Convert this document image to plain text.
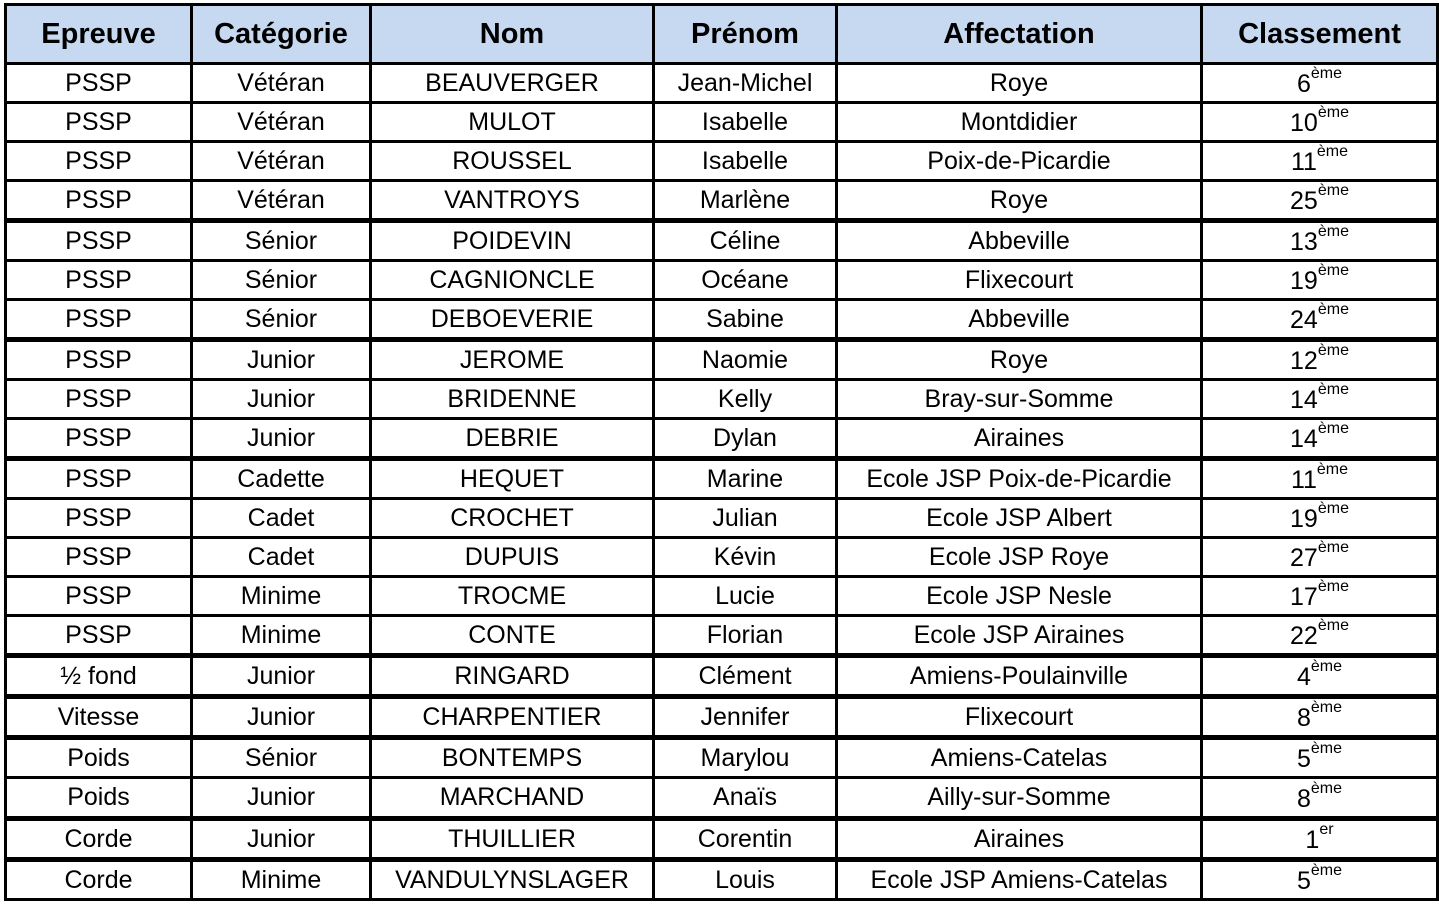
Epreuve	Catégorie	Nom	Prénom	Affectation	Classement
PSSP	Vétéran	BEAUVERGER	Jean-Michel	Roye	6ème
PSSP	Vétéran	MULOT	Isabelle	Montdidier	10ème
PSSP	Vétéran	ROUSSEL	Isabelle	Poix-de-Picardie	11ème
PSSP	Vétéran	VANTROYS	Marlène	Roye	25ème
PSSP	Sénior	POIDEVIN	Céline	Abbeville	13ème
PSSP	Sénior	CAGNIONCLE	Océane	Flixecourt	19ème
PSSP	Sénior	DEBOEVERIE	Sabine	Abbeville	24ème
PSSP	Junior	JEROME	Naomie	Roye	12ème
PSSP	Junior	BRIDENNE	Kelly	Bray-sur-Somme	14ème
PSSP	Junior	DEBRIE	Dylan	Airaines	14ème
PSSP	Cadette	HEQUET	Marine	Ecole JSP Poix-de-Picardie	11ème
PSSP	Cadet	CROCHET	Julian	Ecole JSP Albert	19ème
PSSP	Cadet	DUPUIS	Kévin	Ecole JSP Roye	27ème
PSSP	Minime	TROCME	Lucie	Ecole JSP Nesle	17ème
PSSP	Minime	CONTE	Florian	Ecole JSP Airaines	22ème
½ fond	Junior	RINGARD	Clément	Amiens-Poulainville	4ème
Vitesse	Junior	CHARPENTIER	Jennifer	Flixecourt	8ème
Poids	Sénior	BONTEMPS	Marylou	Amiens-Catelas	5ème
Poids	Junior	MARCHAND	Anaïs	Ailly-sur-Somme	8ème
Corde	Junior	THUILLIER	Corentin	Airaines	1er
Corde	Minime	VANDULYNSLAGER	Louis	Ecole JSP Amiens-Catelas	5ème
